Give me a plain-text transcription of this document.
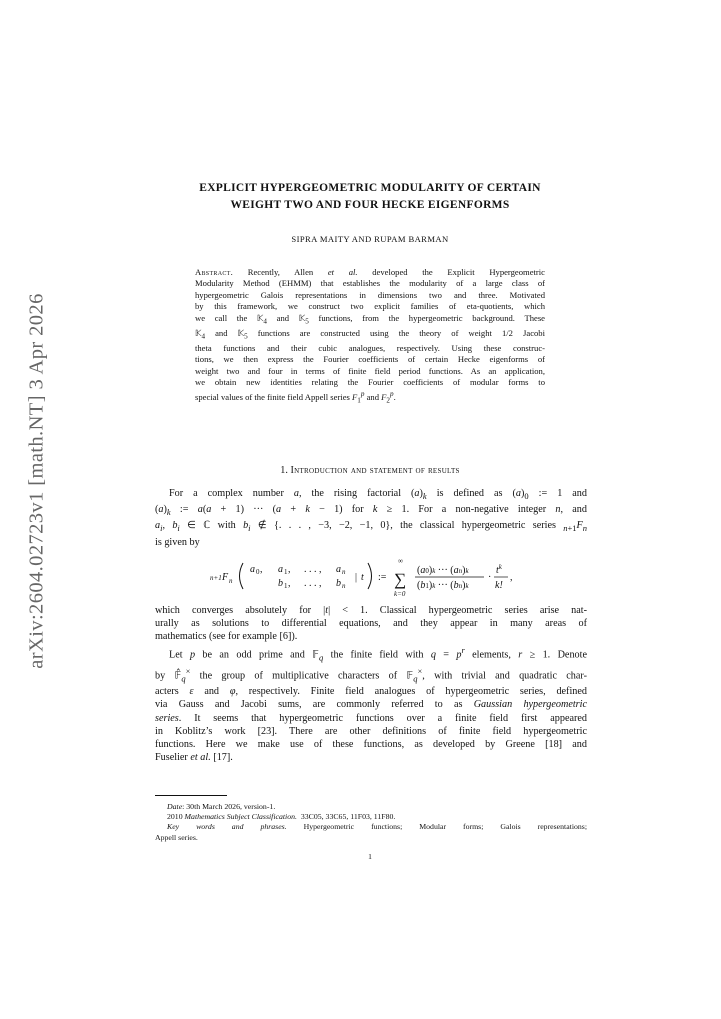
arXiv:2604.02723v1 [math.NT] 3 Apr 2026
EXPLICIT HYPERGEOMETRIC MODULARITY OF CERTAIN
WEIGHT TWO AND FOUR HECKE EIGENFORMS
SIPRA MAITY AND RUPAM BARMAN
Abstract. Recently, Allen et al. developed the Explicit Hypergeometric
Modularity Method (EHMM) that establishes the modularity of a large class of
hypergeometric Galois representations in dimensions two and three. Motivated
by this framework, we construct two explicit families of eta-quotients, which
we call the 𝕂$_4$ and 𝕂$_5$ functions, from the hypergeometric background. These
𝕂$_4$ and 𝕂$_5$ functions are constructed using the theory of weight 1/2 Jacobi
theta functions and their cubic analogues, respectively. Using these construc-
tions, we then express the Fourier coefficients of certain Hecke eigenforms of
weight two and four in terms of finite field period functions. As an application,
we obtain new identities relating the Fourier coefficients of modular forms to
special values of the finite field Appell series $F_1^p$ and $F_2^p$.
1. Introduction and statement of results
For a complex number a, the rising factorial $(a)_k$ is defined as $(a)_0$ := 1 and
$(a)_k$ := a(a + 1) ··· (a + k − 1) for k ≥ 1. For a non-negative integer n, and
$a_i$, $b_i$ ∈ ℂ with $b_i$ ∉ {. . . , −3, −2, −1, 0}, the classical hypergeometric series $_{n+1}F_n$
is given by
n+1 F n
a 0 , a 1 , . . . , a n
b 1 , . . . , b n
| t :=
∞
∑
k=0
(a0)k ··· (an)k
(b1)k ··· (bn)k
·
$t^k$
k!
,
which converges absolutely for |t| < 1. Classical hypergeometric series arise nat-
urally as solutions to differential equations, and they appear in many areas of
mathematics (see for example [6]).
Let p be an odd prime and 𝔽$_q$ the finite field with $q = p^r$ elements, r ≥ 1. Denote
by $𝔽̂_q^\times$ the group of multiplicative characters of 𝔽$_q$×, with trivial and quadratic char-
acters ε and φ, respectively. Finite field analogues of hypergeometric series, defined
via Gauss and Jacobi sums, are commonly referred to as Gaussian hypergeometric
series. It seems that hypergeometric functions over a finite field first appeared
in Koblitz’s work [23]. There are other definitions of finite field hypergeometric
functions. Here we make use of these functions, as developed by Greene [18] and
Fuselier et al. [17].
Date: 30th March 2026, version-1.
2010 Mathematics Subject Classification. 33C05, 33C65, 11F03, 11F80.
Key words and phrases. Hypergeometric functions; Modular forms; Galois representations;
Appell series.
1
